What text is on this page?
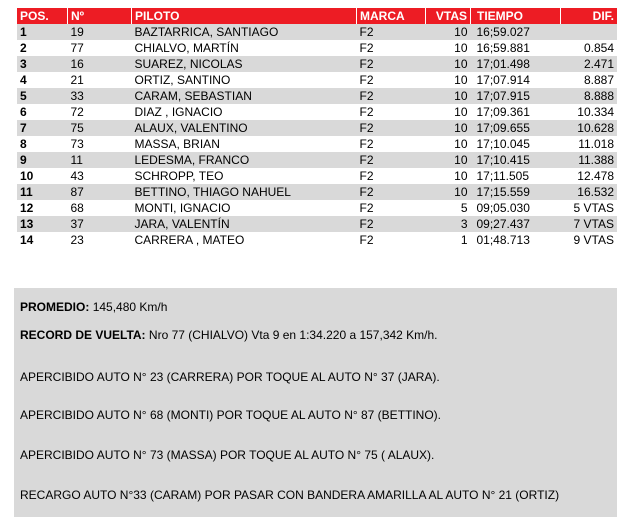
POS.	Nº	PILOTO	MARCA	VTAS	TIEMPO	DIF.
1	19	BAZTARRICA, SANTIAGO	F2	10	16;59.027	
2	77	CHIALVO, MARTÍN	F2	10	16;59.881	0.854
3	16	SUAREZ, NICOLAS	F2	10	17;01.498	2.471
4	21	ORTIZ, SANTINO	F2	10	17;07.914	8.887
5	33	CARAM, SEBASTIAN	F2	10	17;07.915	8.888
6	72	DIAZ , IGNACIO	F2	10	17;09.361	10.334
7	75	ALAUX, VALENTINO	F2	10	17;09.655	10.628
8	73	MASSA, BRIAN	F2	10	17;10.045	11.018
9	11	LEDESMA, FRANCO	F2	10	17;10.415	11.388
10	43	SCHROPP, TEO	F2	10	17;11.505	12.478
11	87	BETTINO, THIAGO NAHUEL	F2	10	17;15.559	16.532
12	68	MONTI, IGNACIO	F2	5	09;05.030	5 VTAS
13	37	JARA, VALENTÍN	F2	3	09;27.437	7 VTAS
14	23	CARRERA , MATEO	F2	1	01;48.713	9 VTAS
PROMEDIO: 145,480 Km/h
RECORD DE VUELTA: Nro 77 (CHIALVO) Vta 9 en 1:34.220 a 157,342 Km/h.
APERCIBIDO AUTO N° 23 (CARRERA) POR TOQUE AL AUTO N° 37 (JARA).
APERCIBIDO AUTO N° 68 (MONTI) POR TOQUE AL AUTO N° 87 (BETTINO).
APERCIBIDO AUTO N° 73 (MASSA) POR TOQUE AL AUTO N° 75 ( ALAUX).
RECARGO AUTO N°33 (CARAM) POR PASAR CON BANDERA AMARILLA AL AUTO N° 21 (ORTIZ)
